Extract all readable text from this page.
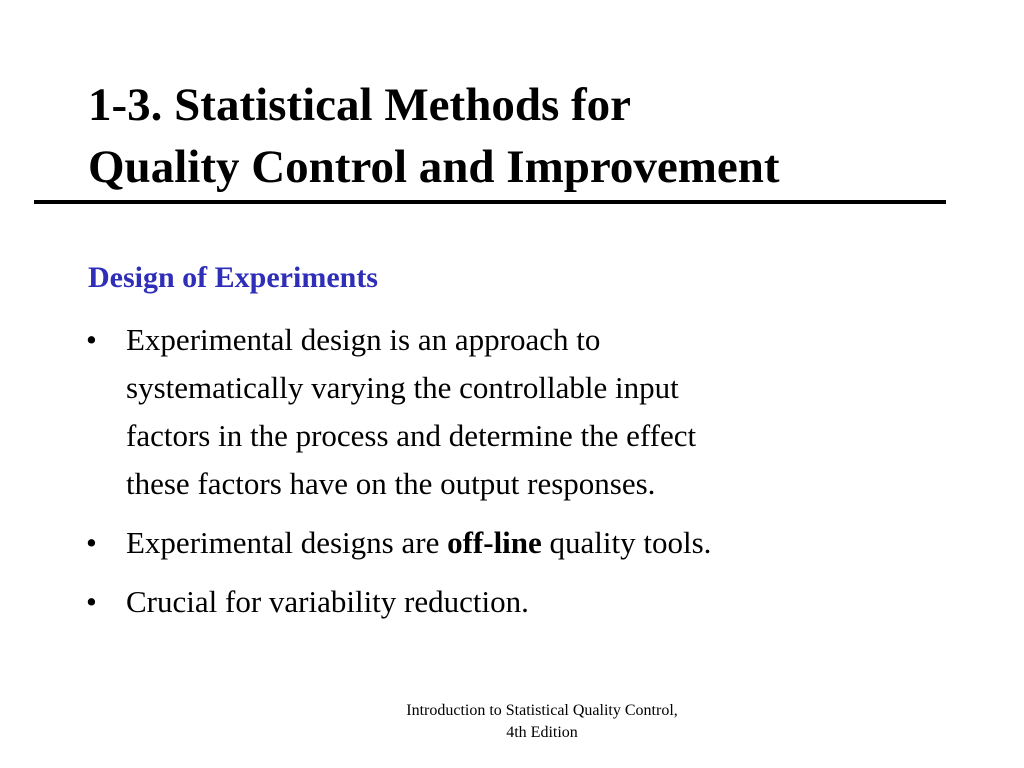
1-3. Statistical Methods for
Quality Control and Improvement
Design of Experiments
• Experimental design is an approach to
systematically varying the controllable input
factors in the process and determine the effect
these factors have on the output responses.
• Experimental designs are off-line quality tools.
• Crucial for variability reduction.
Introduction to Statistical Quality Control,
4th Edition
